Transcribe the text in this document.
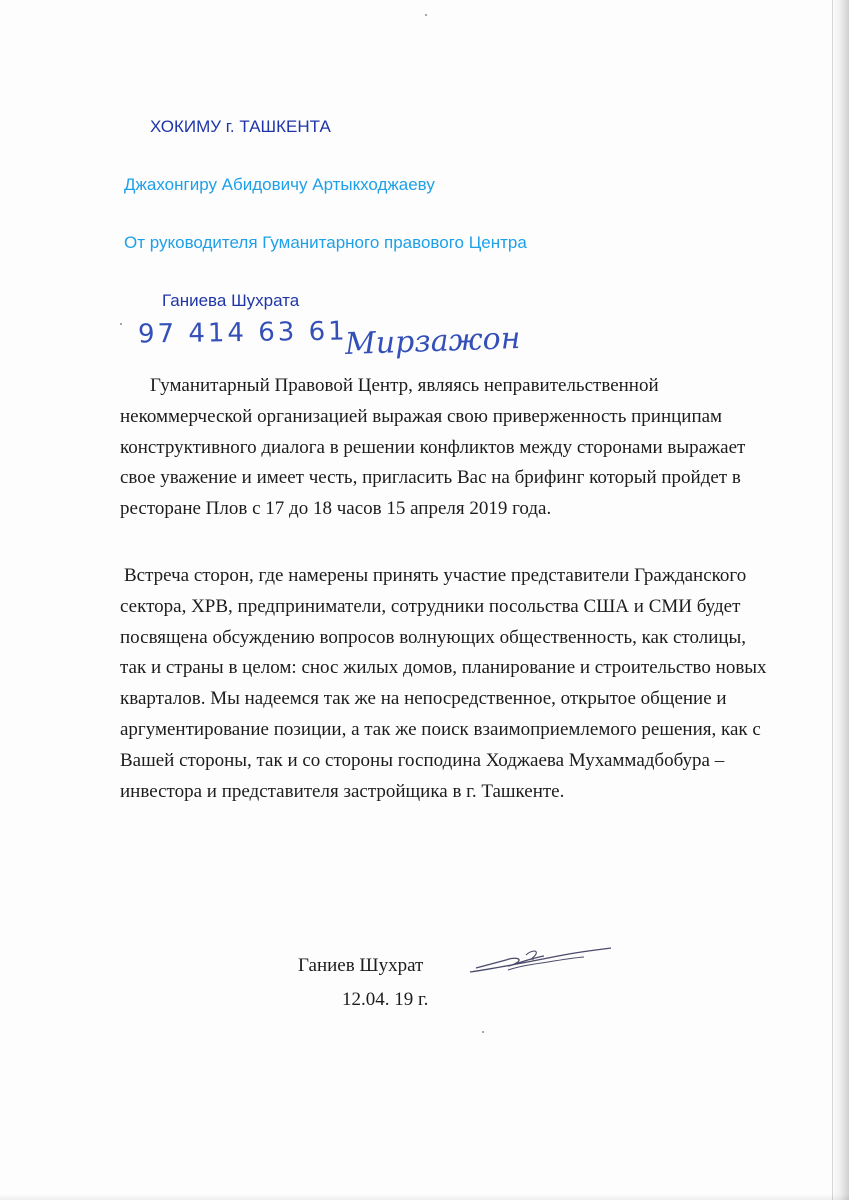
ХОКИМУ г. ТАШКЕНТА

Джахонгиру Абидовичу Артыкходжаеву

От руководителя Гуманитарного правового Центра

Ганиева Шухрата

97 414 63 61
Мирзажон

Гуманитарный Правовой Центр, являясь неправительственной некоммерческой организацией выражая свою приверженность принципам конструктивного диалога в решении конфликтов между сторонами выражает свое уважение и имеет честь, пригласить Вас на брифинг который пройдет в ресторане Плов с 17 до 18 часов 15 апреля 2019 года.

Встреча сторон, где намерены принять участие представители Гражданского сектора, ХРВ, предприниматели, сотрудники посольства США и СМИ будет посвящена обсуждению вопросов волнующих общественность, как столицы, так и страны в целом: снос жилых домов, планирование и строительство новых кварталов. Мы надеемся так же на непосредственное, открытое общение и аргументирование позиции, а так же поиск взаимоприемлемого решения, как с Вашей стороны, так и со стороны господина Ходжаева Мухаммадбобура – инвестора и представителя застройщика в г. Ташкенте.

Ганиев Шухрат

12.04. 19 г.
